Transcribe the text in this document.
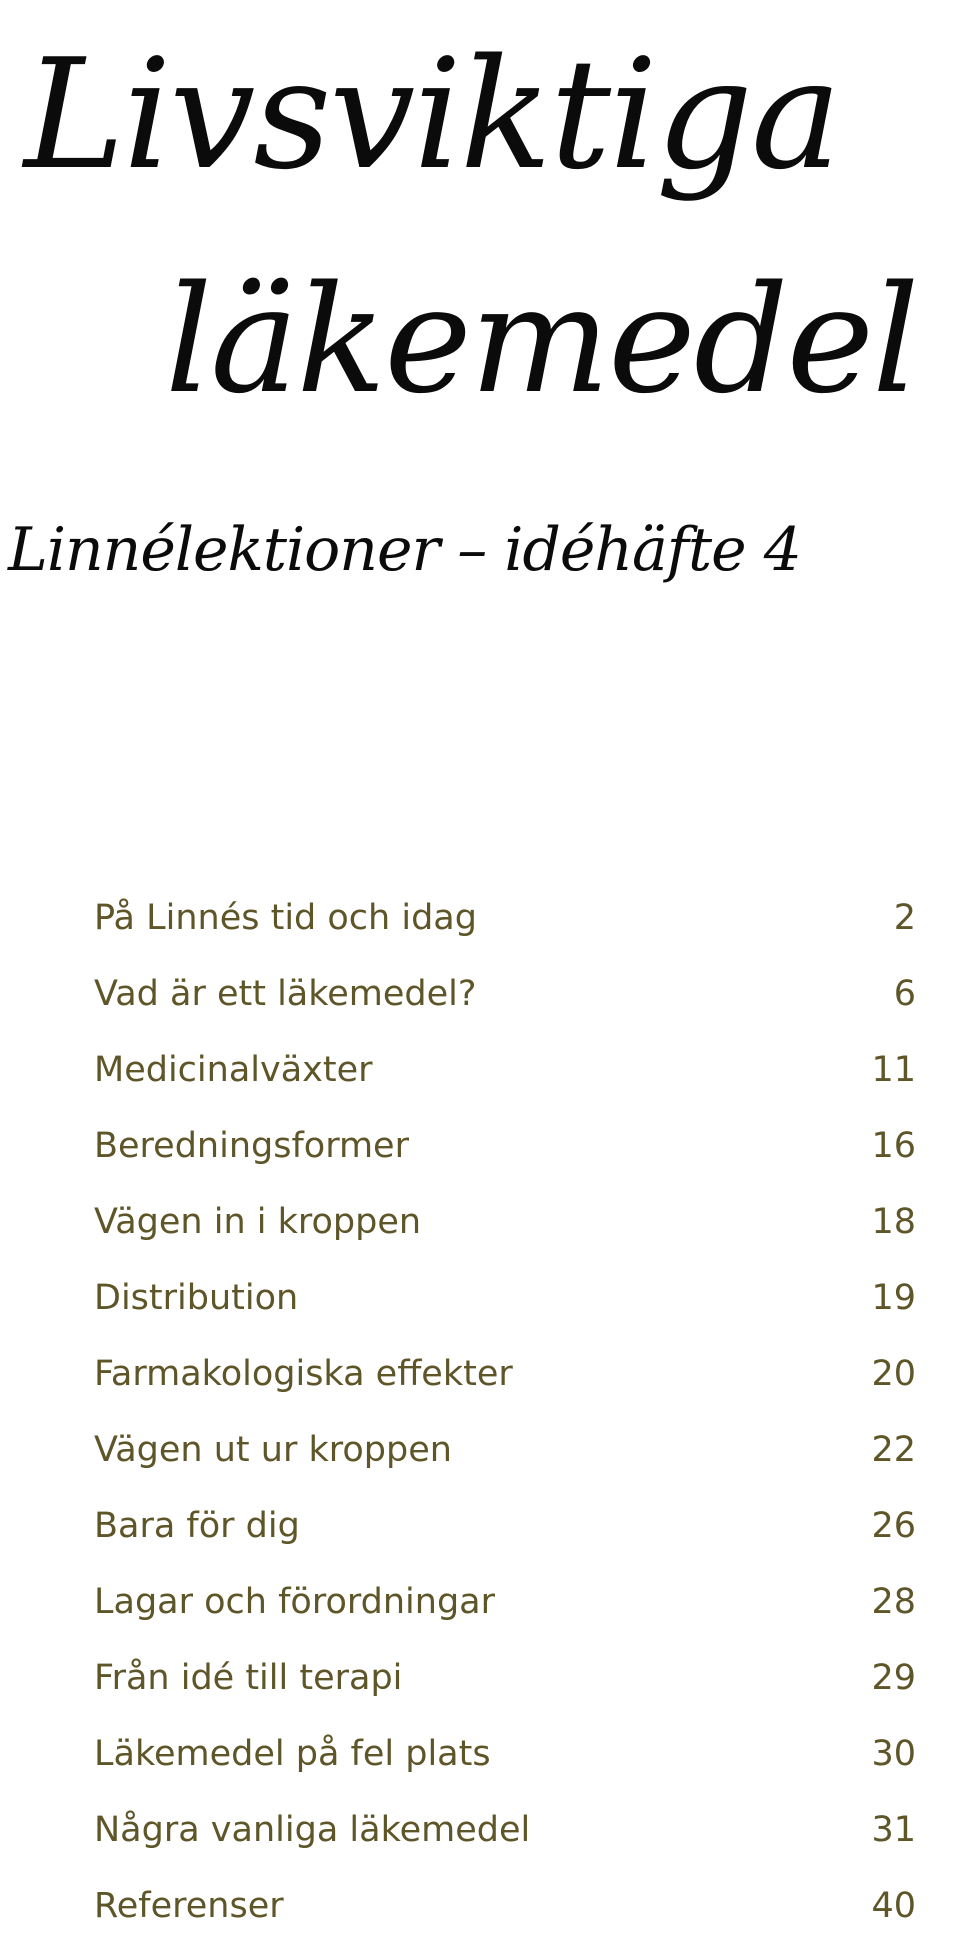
Livsviktiga
läkemedel
Linnélektioner – idéhäfte 4
På Linnés tid och idag	2
Vad är ett läkemedel?	6
Medicinalväxter	11
Beredningsformer	16
Vägen in i kroppen	18
Distribution	19
Farmakologiska effekter	20
Vägen ut ur kroppen	22
Bara för dig	26
Lagar och förordningar	28
Från idé till terapi	29
Läkemedel på fel plats	30
Några vanliga läkemedel	31
Referenser	40
